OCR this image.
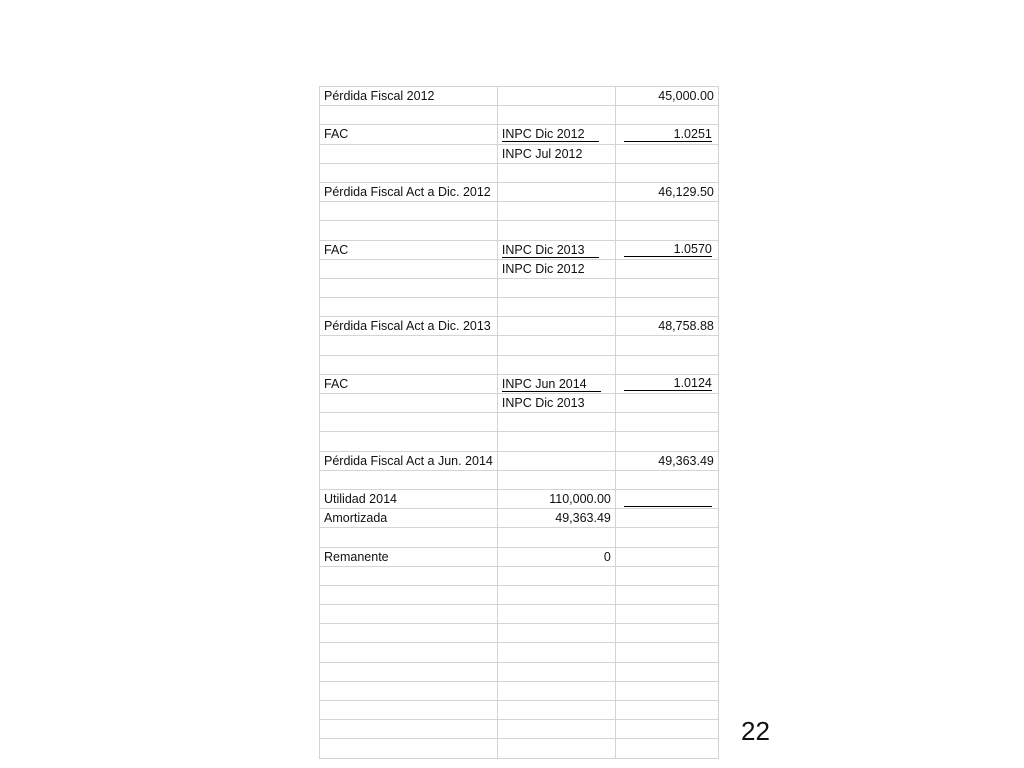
Pérdida Fiscal 2012		45,000.00

FAC	INPC Dic 2012	1.0251

	INPC Jul 2012	

Pérdida Fiscal Act a Dic. 2012		46,129.50

FAC	INPC Dic 2013	1.0570

	INPC Dic 2012	

Pérdida Fiscal Act a Dic. 2013		48,758.88

FAC	INPC Jun 2014	1.0124

	INPC Dic 2013	

Pérdida Fiscal Act a Jun. 2014		49,363.49

Utilidad 2014	110,000.00	

Amortizada	49,363.49	

Remanente	0	

22
